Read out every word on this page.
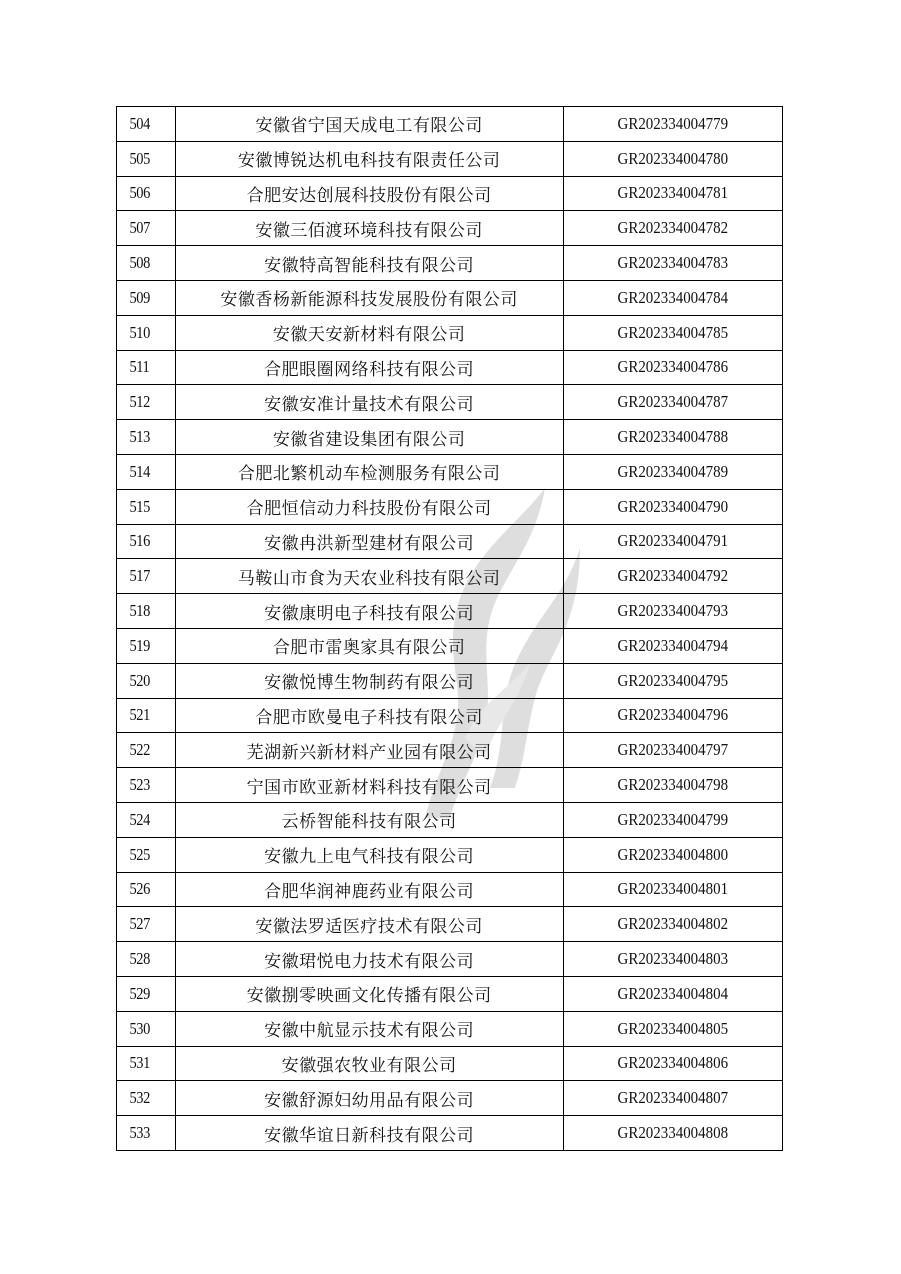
504	安徽省宁国天成电工有限公司	GR202334004779
505	安徽博锐达机电科技有限责任公司	GR202334004780
506	合肥安达创展科技股份有限公司	GR202334004781
507	安徽三佰渡环境科技有限公司	GR202334004782
508	安徽特高智能科技有限公司	GR202334004783
509	安徽香杨新能源科技发展股份有限公司	GR202334004784
510	安徽天安新材料有限公司	GR202334004785
511	合肥眼圈网络科技有限公司	GR202334004786
512	安徽安准计量技术有限公司	GR202334004787
513	安徽省建设集团有限公司	GR202334004788
514	合肥北繁机动车检测服务有限公司	GR202334004789
515	合肥恒信动力科技股份有限公司	GR202334004790
516	安徽冉洪新型建材有限公司	GR202334004791
517	马鞍山市食为天农业科技有限公司	GR202334004792
518	安徽康明电子科技有限公司	GR202334004793
519	合肥市雷奥家具有限公司	GR202334004794
520	安徽悦博生物制药有限公司	GR202334004795
521	合肥市欧曼电子科技有限公司	GR202334004796
522	芜湖新兴新材料产业园有限公司	GR202334004797
523	宁国市欧亚新材料科技有限公司	GR202334004798
524	云桥智能科技有限公司	GR202334004799
525	安徽九上电气科技有限公司	GR202334004800
526	合肥华润神鹿药业有限公司	GR202334004801
527	安徽法罗适医疗技术有限公司	GR202334004802
528	安徽珺悦电力技术有限公司	GR202334004803
529	安徽捌零映画文化传播有限公司	GR202334004804
530	安徽中航显示技术有限公司	GR202334004805
531	安徽强农牧业有限公司	GR202334004806
532	安徽舒源妇幼用品有限公司	GR202334004807
533	安徽华谊日新科技有限公司	GR202334004808
